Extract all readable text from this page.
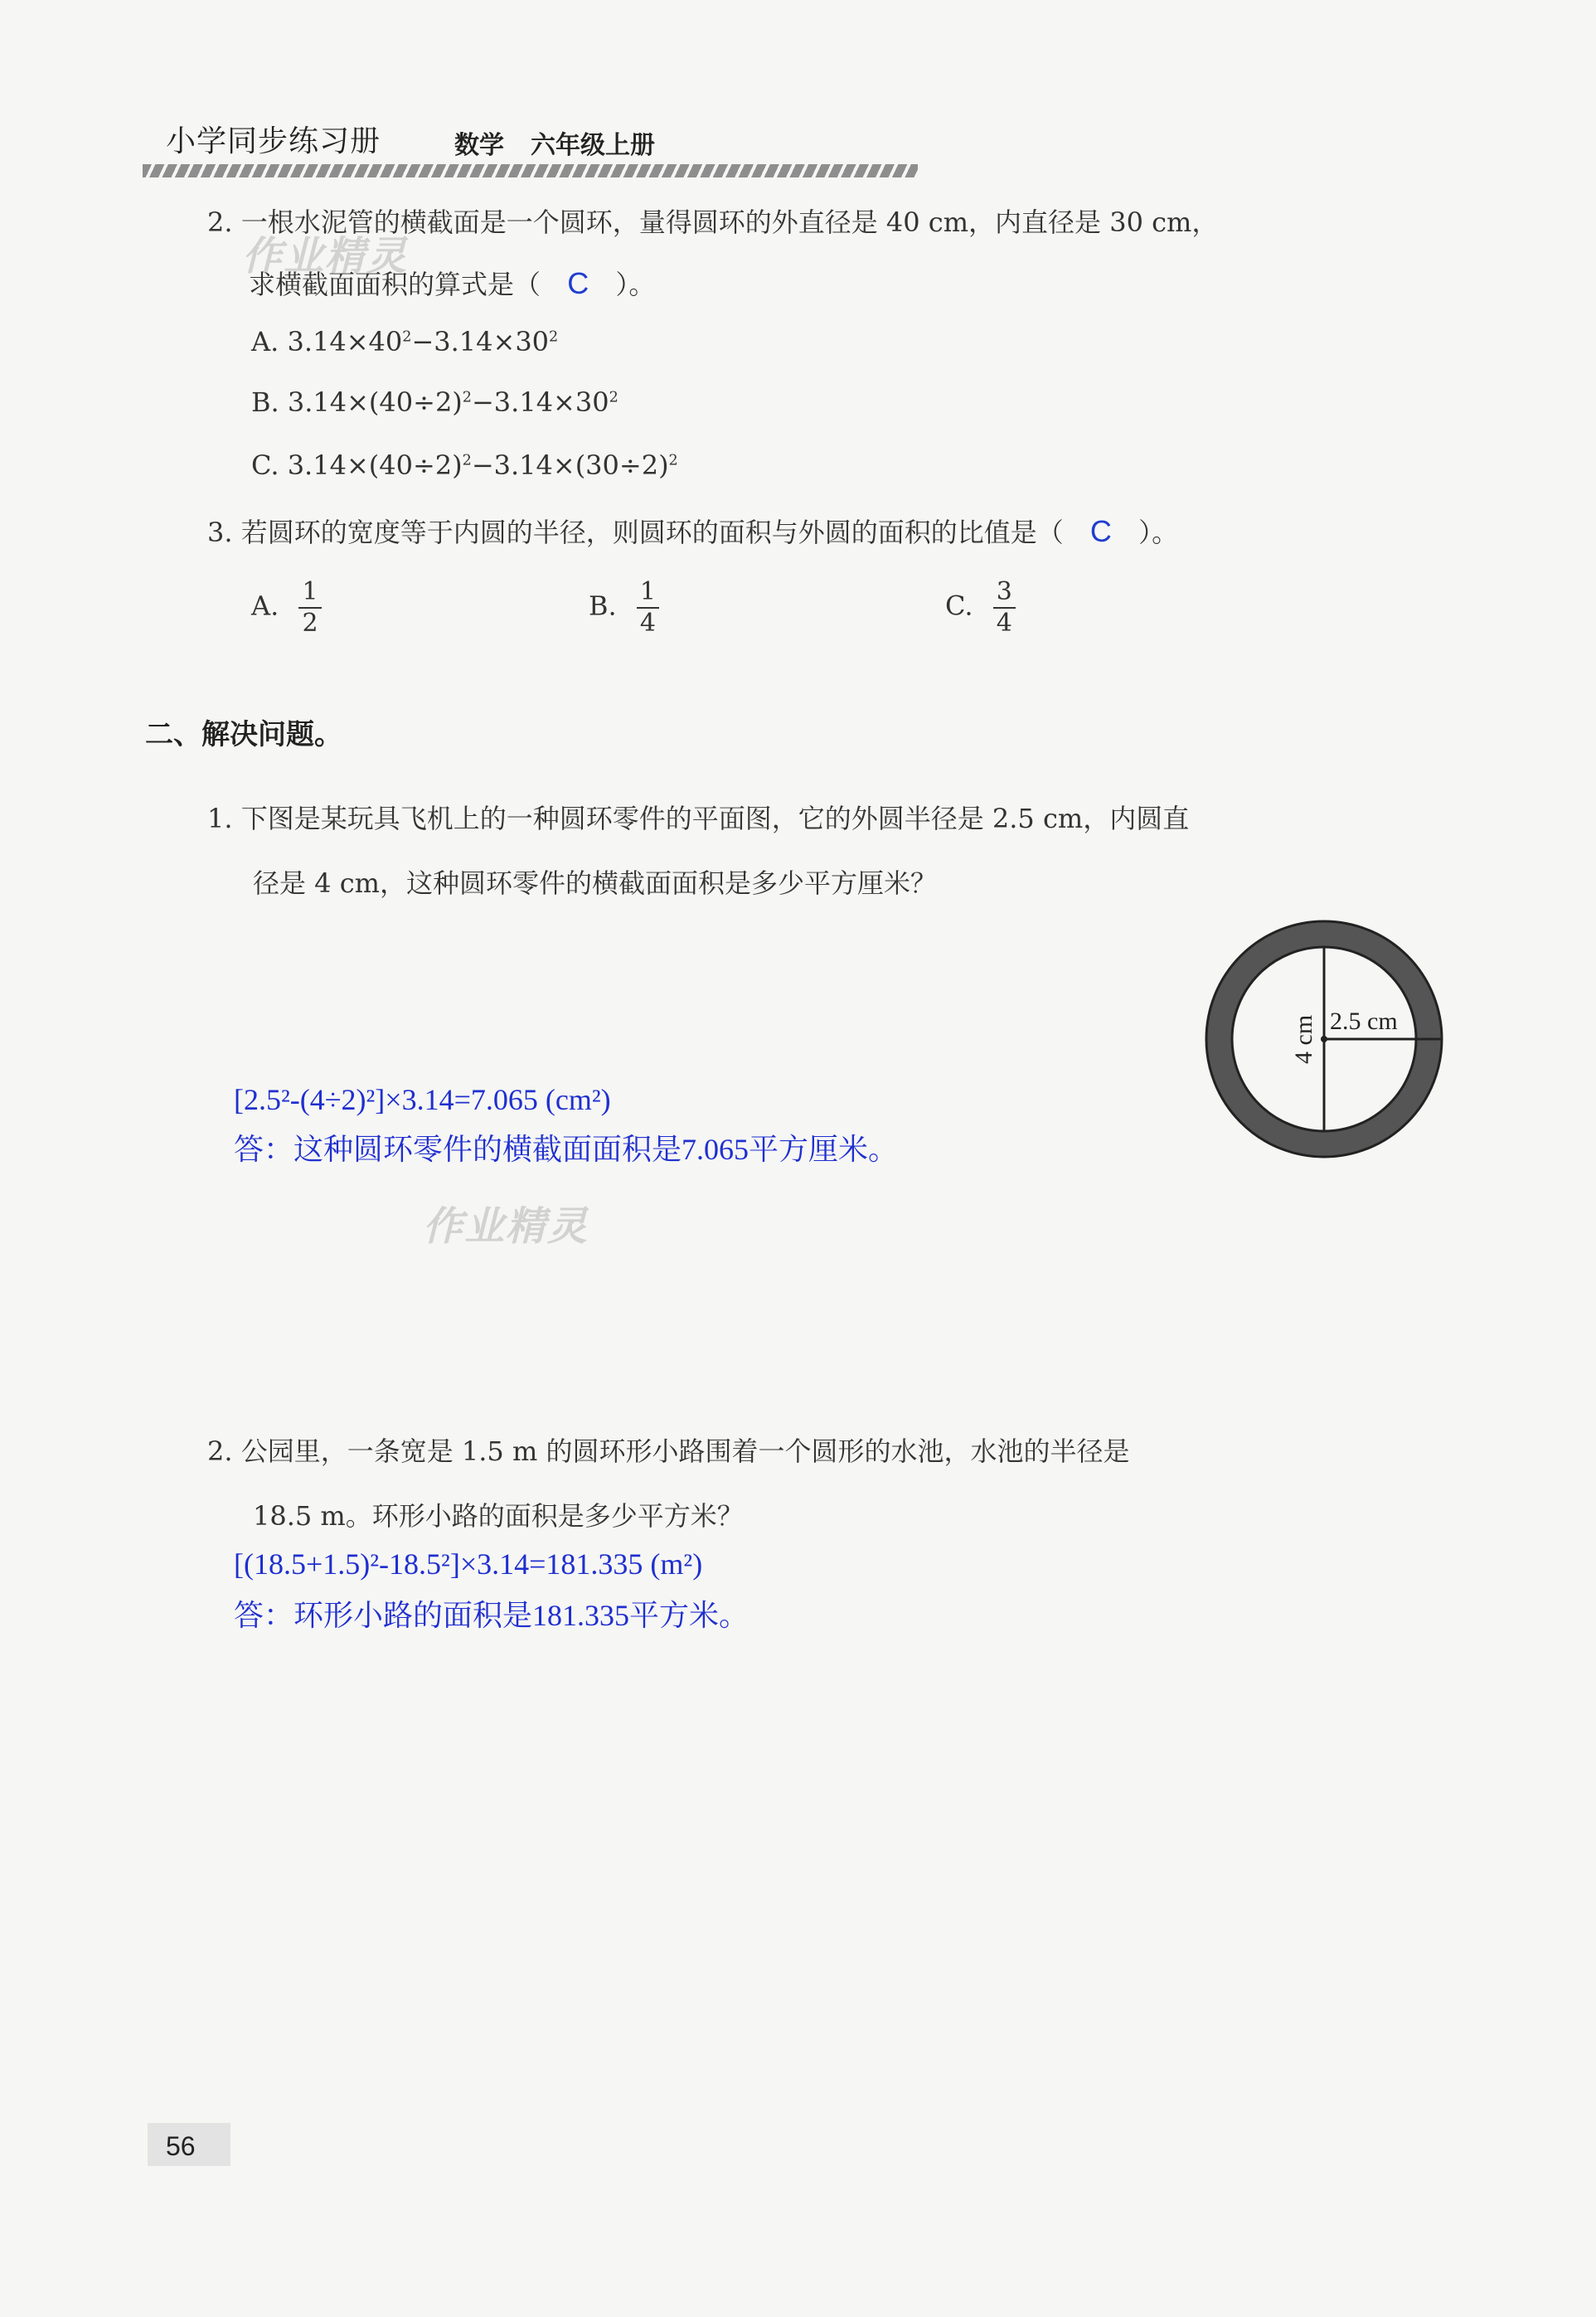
小学同步练习册	数学 六年级上册
作业精灵
作业精灵
2. 一根水泥管的横截面是一个圆环，量得圆环的外直径是 40 cm，内直径是 30 cm，
求横截面面积的算式是（ C ）。
A. $3.14\times 40^2-3.14\times 30^2$
B. $3.14\times(40\div 2)^2-3.14\times 30^2$
C. $3.14\times(40\div 2)^2-3.14\times(30\div 2)^2$
3. 若圆环的宽度等于内圆的半径，则圆环的面积与外圆的面积的比值是（ C ）。
A. $\frac{1}{2}$	B. $\frac{1}{4}$	C. $\frac{3}{4}$
二、解决问题。
1. 下图是某玩具飞机上的一种圆环零件的平面图，它的外圆半径是 2.5 cm，内圆直
径是 4 cm，这种圆环零件的横截面面积是多少平方厘米？
2.5 cm
4 cm
[2.5²-(4÷2)²]×3.14=7.065 (cm²)
答：这种圆环零件的横截面面积是7.065平方厘米。
2. 公园里，一条宽是 1.5 m 的圆环形小路围着一个圆形的水池，水池的半径是
18.5 m。环形小路的面积是多少平方米？
[(18.5+1.5)²-18.5²]×3.14=181.335 (m²)
答：环形小路的面积是181.335平方米。
56
